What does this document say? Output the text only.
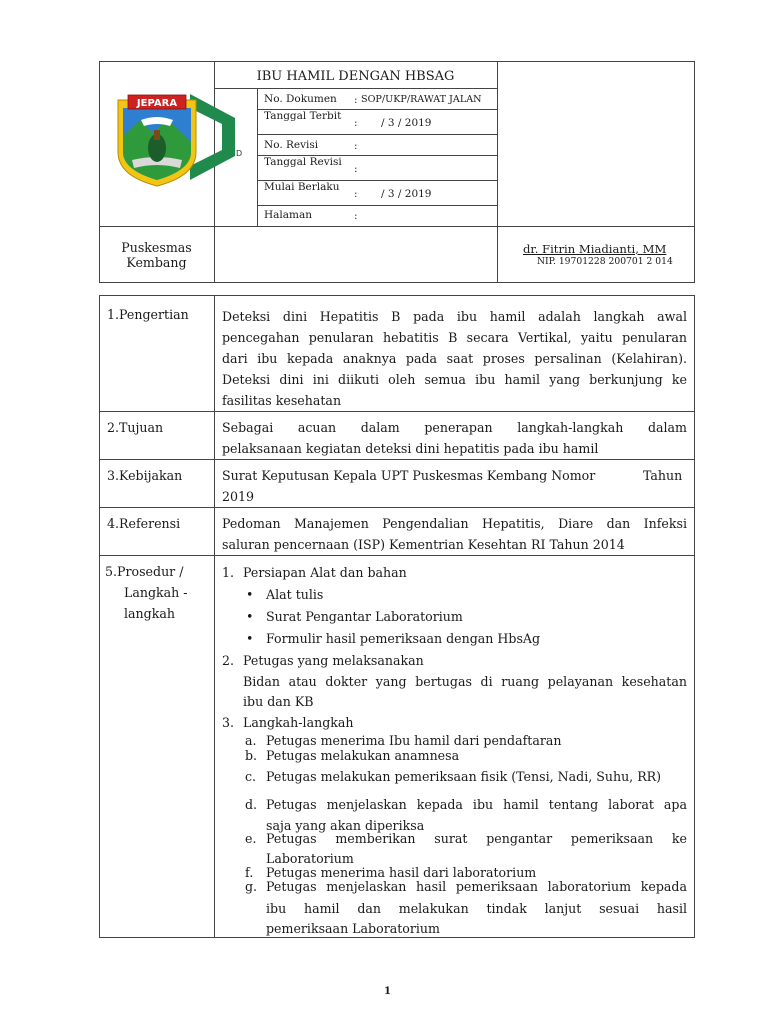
D
JEPARA
IBU HAMIL DENGAN HBSAG
No. Dokumen : SOP/UKP/RAWAT JALAN
Tanggal Terbit
: / 3 / 2019
No. Revisi	:
Tanggal Revisi
:
Mulai Berlaku
: / 3 / 2019
Halaman	:
Puskesmas
Kembang
dr. Fitrin Miadianti, MM
NIP. 19701228 200701 2 014
1.Pengertian	Deteksi dini Hepatitis B pada ibu hamil adalah langkah awal
pencegahan penularan hebatitis B secara Vertikal, yaitu penularan
dari ibu kepada anaknya pada saat proses persalinan (Kelahiran).
Deteksi dini ini diikuti oleh semua ibu hamil yang berkunjung ke
fasilitas kesehatan
2.Tujuan	Sebagai acuan dalam penerapan langkah-langkah dalam
pelaksanaan kegiatan deteksi dini hepatitis pada ibu hamil
3.Kebijakan	Surat Keputusan Kepala UPT Puskesmas Kembang Nomor	Tahun
2019
4.Referensi	Pedoman Manajemen Pengendalian Hepatitis, Diare dan Infeksi
saluran pencernaan (ISP) Kementrian Kesehtan RI Tahun 2014
5.Prosedur /
Langkah -
langkah
1. Persiapan Alat dan bahan
• Alat tulis
• Surat Pengantar Laboratorium
• Formulir hasil pemeriksaan dengan HbsAg
2. Petugas yang melaksanakan
Bidan atau dokter yang bertugas di ruang pelayanan kesehatan
ibu dan KB
3. Langkah-langkah
a. Petugas menerima Ibu hamil dari pendaftaran
b. Petugas melakukan anamnesa
c. Petugas melakukan pemeriksaan fisik (Tensi, Nadi, Suhu, RR)
d. Petugas menjelaskan kepada ibu hamil tentang laborat apa
saja yang akan diperiksa
e. Petugas memberikan surat pengantar pemeriksaan ke
Laboratorium
f. Petugas menerima hasil dari laboratorium
g. Petugas menjelaskan hasil pemeriksaan laboratorium kepada
ibu hamil dan melakukan tindak lanjut sesuai hasil
pemeriksaan Laboratorium
1
